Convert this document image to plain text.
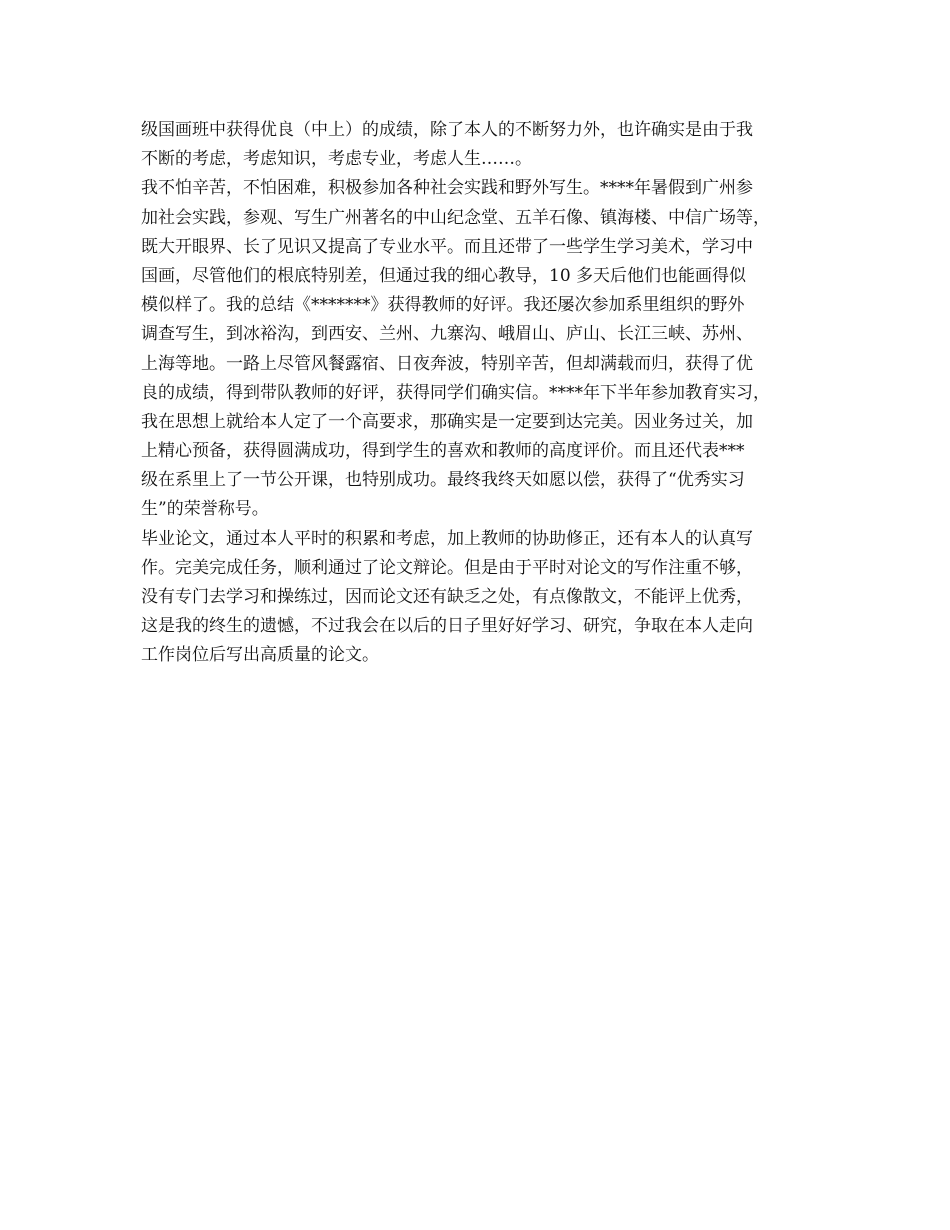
级国画班中获得优良（中上）的成绩，除了本人的不断努力外，也许确实是由于我
不断的考虑，考虑知识，考虑专业，考虑人生……。
我不怕辛苦，不怕困难，积极参加各种社会实践和野外写生。****年暑假到广州参
加社会实践，参观、写生广州著名的中山纪念堂、五羊石像、镇海楼、中信广场等，
既大开眼界、长了见识又提高了专业水平。而且还带了一些学生学习美术，学习中
国画，尽管他们的根底特别差，但通过我的细心教导，10 多天后他们也能画得似
模似样了。我的总结《*******》获得教师的好评。我还屡次参加系里组织的野外
调查写生，到冰裕沟，到西安、兰州、九寨沟、峨眉山、庐山、长江三峡、苏州、
上海等地。一路上尽管风餐露宿、日夜奔波，特别辛苦，但却满载而归，获得了优
良的成绩，得到带队教师的好评，获得同学们确实信。****年下半年参加教育实习，
我在思想上就给本人定了一个高要求，那确实是一定要到达完美。因业务过关，加
上精心预备，获得圆满成功，得到学生的喜欢和教师的高度评价。而且还代表***
级在系里上了一节公开课，也特别成功。最终我终天如愿以偿，获得了“优秀实习
生”的荣誉称号。
毕业论文，通过本人平时的积累和考虑，加上教师的协助修正，还有本人的认真写
作。完美完成任务，顺利通过了论文辩论。但是由于平时对论文的写作注重不够，
没有专门去学习和操练过，因而论文还有缺乏之处，有点像散文，不能评上优秀，
这是我的终生的遗憾，不过我会在以后的日子里好好学习、研究，争取在本人走向
工作岗位后写出高质量的论文。
